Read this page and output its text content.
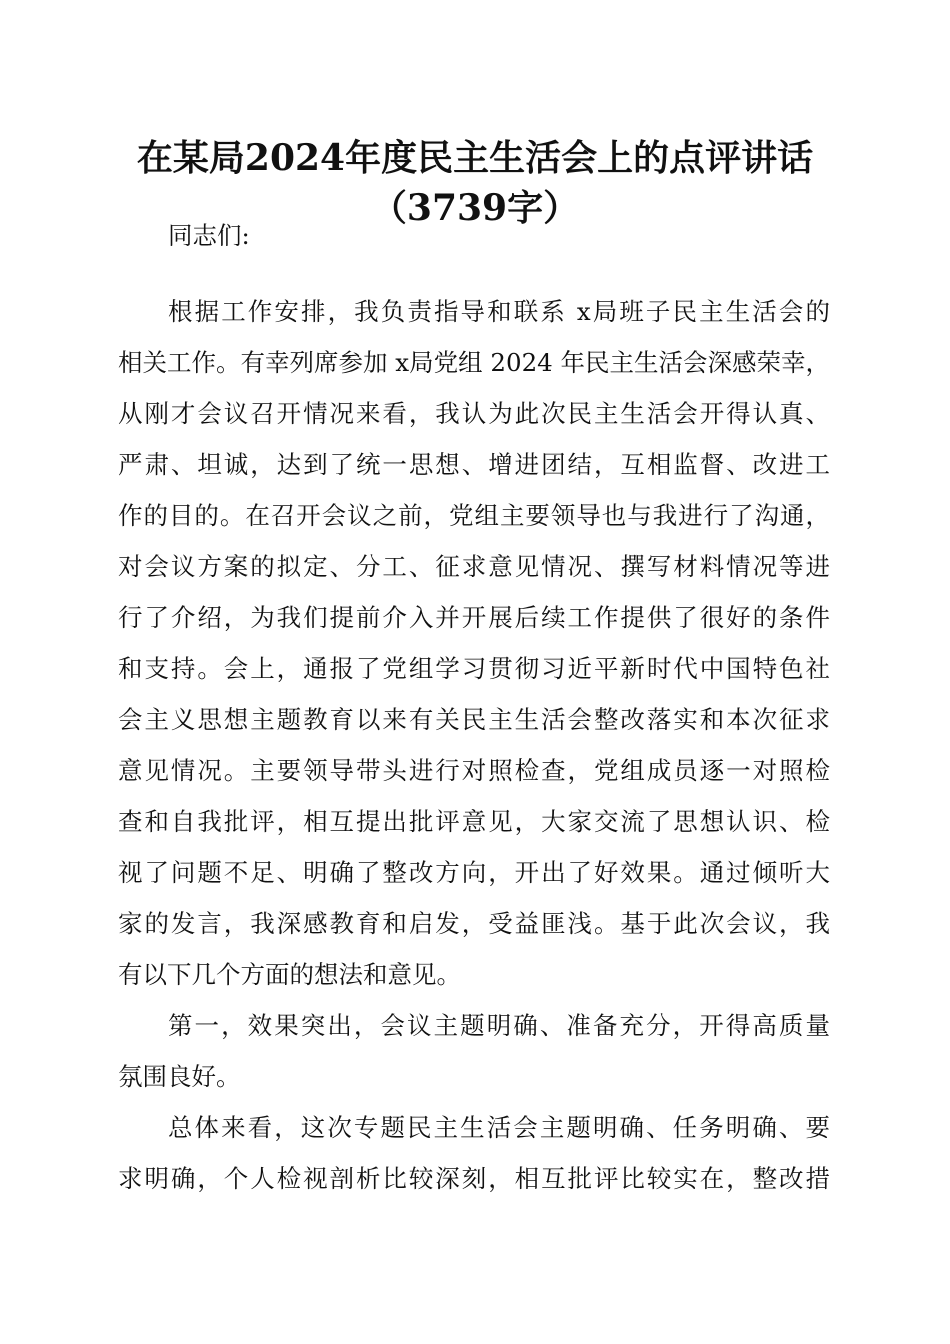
在某局2024年度民主生活会上的点评讲话
（3739字）
同志们:
根据工作安排，我负责指导和联系 x局班子民主生活会的
相关工作。有幸列席参加 x局党组 2024 年民主生活会深感荣幸，
从刚才会议召开情况来看，我认为此次民主生活会开得认真、
严肃、坦诚，达到了统一思想、增进团结，互相监督、改进工
作的目的。在召开会议之前，党组主要领导也与我进行了沟通，
对会议方案的拟定、分工、征求意见情况、撰写材料情况等进
行了介绍，为我们提前介入并开展后续工作提供了很好的条件
和支持。会上，通报了党组学习贯彻习近平新时代中国特色社
会主义思想主题教育以来有关民主生活会整改落实和本次征求
意见情况。主要领导带头进行对照检查，党组成员逐一对照检
查和自我批评，相互提出批评意见，大家交流了思想认识、检
视了问题不足、明确了整改方向，开出了好效果。通过倾听大
家的发言，我深感教育和启发，受益匪浅。基于此次会议，我
有以下几个方面的想法和意见。
第一，效果突出，会议主题明确、准备充分，开得高质量
氛围良好。
总体来看，这次专题民主生活会主题明确、任务明确、要
求明确，个人检视剖析比较深刻，相互批评比较实在，整改措
